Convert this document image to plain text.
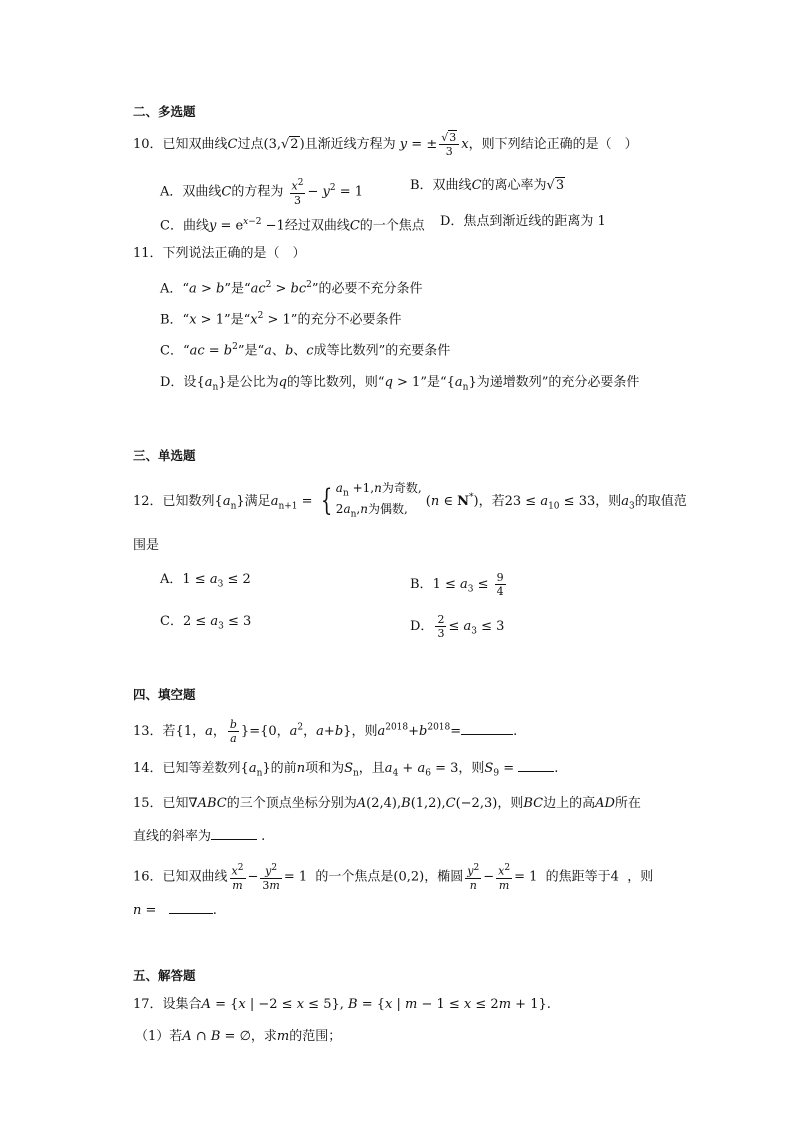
二、多选题
10．已知双曲线C过点(3,√2)且渐近线方程为 y = ± $\frac{√3}{3}$ x，则下列结论正确的是（　）
A．双曲线C的方程为 $\frac{x^2}{3} - y^2 = 1$	B．双曲线C的离心率为√3
C．曲线$y = e^{x-2} -1$经过双曲线C的一个焦点 D．焦点到渐近线的距离为 1
11．下列说法正确的是（　）
A．“a > b”是“$ac^2 > bc^2$”的必要不充分条件
B．“x > 1”是“$x^2 > 1$”的充分不必要条件
C．“ac = $b^2$”是“a、b、c成等比数列”的充要条件
D．设$\{a_n\}$是公比为q的等比数列，则“q > 1”是“$\{a_n\}$为递增数列”的充分必要条件
三、单选题
12．已知数列$\{a_n\}$满足$a_{n+1}$ = { $a_n +1,n$为奇数,
$2a_n,n$为偶数,
(n ∈ N*)，若$23 \le a_{10} \le 33$，则$a_3$的取值范
围是
A．$1 \le a_3 \le 2$	B．$1 \le a_3 \le \frac{9}{4}$
C．$2 \le a_3 \le 3$	D． $\frac{2}{3} \le a_3 \le 3$
四、填空题
13．若{1，a， $\frac{b}{a} \}=\{0$，$a^2$，a+b}，则$a^{2018}+b^{2018}=$	.
14．已知等差数列$\{a_n\}$的前n项和为$S_n$，且$a_4 + a_6 = 3$，则$S_9$ =	.
15．已知∇ABC的三个顶点坐标分别为A(2,4),B(1,2),C(−2,3)，则BC边上的高AD所在
直线的斜率为	.
16．已知双曲线 $\frac{x^2}{m} - \frac{y^2}{3m} = 1$  的一个焦点是(0,2)，椭圆 $\frac{y^2}{n} - \frac{x^2}{m} = 1$  的焦距等于4  ，则
n =	.
五、解答题
17．设集合A = {x | −2 ≤ x ≤ 5}, B = {x | m − 1 ≤ x ≤ 2m + 1}.
（1）若A ∩ B = ∅，求m的范围；
